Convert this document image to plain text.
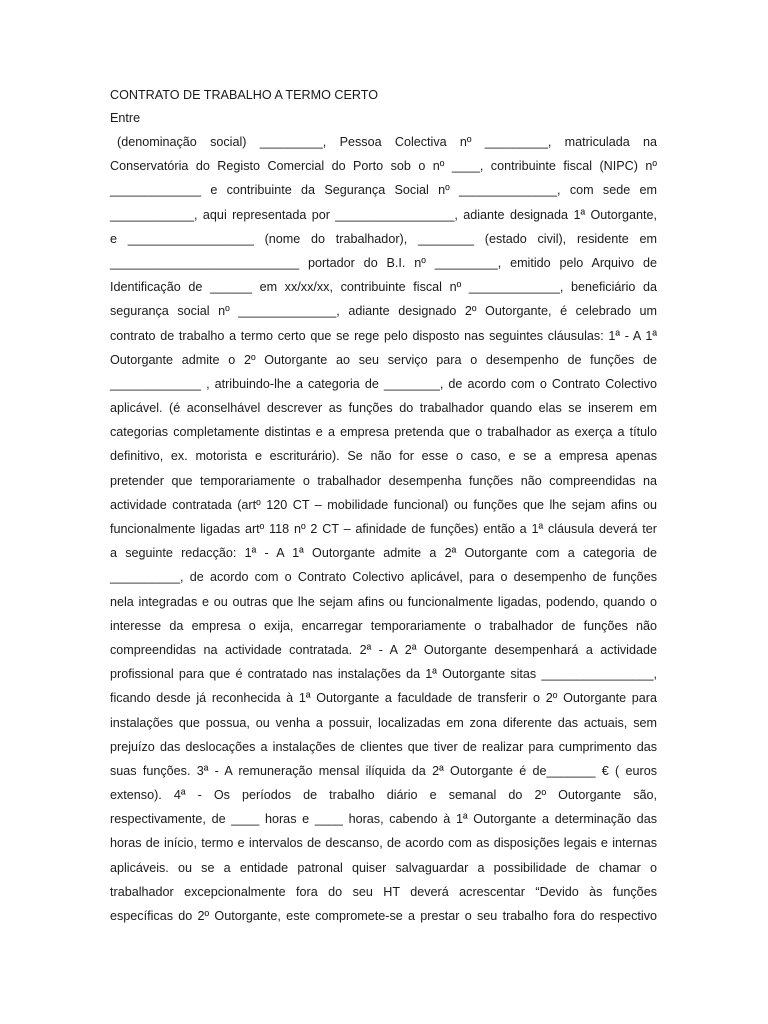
CONTRATO DE TRABALHO A TERMO CERTO
Entre
(denominação social) _________, Pessoa Colectiva nº _________, matriculada na
Conservatória do Registo Comercial do Porto sob o nº ____, contribuinte fiscal (NIPC) nº
_____________ e contribuinte da Segurança Social nº ______________, com sede em
____________, aqui representada por _________________, adiante designada 1ª Outorgante,
e __________________ (nome do trabalhador), ________ (estado civil), residente em
___________________________ portador do B.I. nº _________, emitido pelo Arquivo de
Identificação de ______ em xx/xx/xx, contribuinte fiscal nº _____________, beneficiário da
segurança social nº ______________, adiante designado 2º Outorgante, é celebrado um
contrato de trabalho a termo certo que se rege pelo disposto nas seguintes cláusulas: 1ª - A 1ª
Outorgante admite o 2º Outorgante ao seu serviço para o desempenho de funções de
_____________ , atribuindo-lhe a categoria de ________, de acordo com o Contrato Colectivo
aplicável. (é aconselhável descrever as funções do trabalhador quando elas se inserem em
categorias completamente distintas e a empresa pretenda que o trabalhador as exerça a título
definitivo, ex. motorista e escriturário). Se não for esse o caso, e se a empresa apenas
pretender que temporariamente o trabalhador desempenha funções não compreendidas na
actividade contratada (artº 120 CT – mobilidade funcional) ou funções que lhe sejam afins ou
funcionalmente ligadas artº 118 nº 2 CT – afinidade de funções) então a 1ª cláusula deverá ter
a seguinte redacção: 1ª - A 1ª Outorgante admite a 2ª Outorgante com a categoria de
__________, de acordo com o Contrato Colectivo aplicável, para o desempenho de funções
nela integradas e ou outras que lhe sejam afins ou funcionalmente ligadas, podendo, quando o
interesse da empresa o exija, encarregar temporariamente o trabalhador de funções não
compreendidas na actividade contratada. 2ª - A 2ª Outorgante desempenhará a actividade
profissional para que é contratado nas instalações da 1ª Outorgante sitas ________________,
ficando desde já reconhecida à 1ª Outorgante a faculdade de transferir o 2º Outorgante para
instalações que possua, ou venha a possuir, localizadas em zona diferente das actuais, sem
prejuízo das deslocações a instalações de clientes que tiver de realizar para cumprimento das
suas funções. 3ª - A remuneração mensal ilíquida da 2ª Outorgante é de_______ € ( euros
extenso). 4ª - Os períodos de trabalho diário e semanal do 2º Outorgante são,
respectivamente, de ____ horas e ____ horas, cabendo à 1ª Outorgante a determinação das
horas de início, termo e intervalos de descanso, de acordo com as disposições legais e internas
aplicáveis. ou se a entidade patronal quiser salvaguardar a possibilidade de chamar o
trabalhador excepcionalmente fora do seu HT deverá acrescentar “Devido às funções
específicas do 2º Outorgante, este compromete-se a prestar o seu trabalho fora do respectivo
